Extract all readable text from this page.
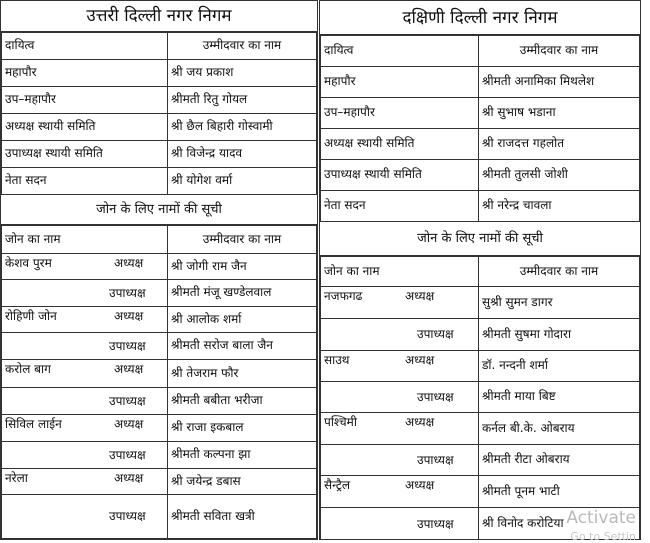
उत्तरी दिल्ली नगर निगम
दायित्व	उम्मीदवार का नाम
महापौर	श्री जय प्रकाश
उप–महापौर	श्रीमती रितु गोयल
अध्यक्ष स्थायी समिति	श्री छैल बिहारी गोस्वामी
उपाध्यक्ष स्थायी समिति	श्री विजेन्द्र यादव
नेता सदन	श्री योगेश वर्मा
जोन के लिए नामों की सूची
जोन का नाम	उम्मीदवार का नाम

केशव पुरम अध्यक्ष	श्री जोगी राम जैन

उपाध्यक्ष	श्रीमती मंजू खण्डेलवाल

रोहिणी जोन अध्यक्ष	श्री आलोक शर्मा

उपाध्यक्ष	श्रीमती सरोज बाला जैन

करोल बाग अध्यक्ष	श्री तेजराम फौर

उपाध्यक्ष	श्रीमती बबीता भरीजा

सिविल लाईन अध्यक्ष	श्री राजा इकबाल

उपाध्यक्ष	श्रीमती कल्पना झा

नरेला अध्यक्ष	श्री जयेन्द्र डबास

उपाध्यक्ष	श्रीमती सविता खत्री
दक्षिणी दिल्ली नगर निगम
दायित्व	उम्मीदवार का नाम
महापौर	श्रीमती अनामिका मिथलेश
उप–महापौर	श्री सुभाष भडाना
अध्यक्ष स्थायी समिति	श्री राजदत्त गहलोत
उपाध्यक्ष स्थायी समिति	श्रीमती तुलसी जोशी
नेता सदन	श्री नरेन्द्र चावला
जोन के लिए नामों की सूची
जोन का नाम	उम्मीदवार का नाम

नजफगढ अध्यक्ष	सुश्री सुमन डागर

उपाध्यक्ष	श्रीमती सुषमा गोदारा

साउथ अध्यक्ष	डॉ. नन्दनी शर्मा

उपाध्यक्ष	श्रीमती माया बिष्ट

पश्चिमी अध्यक्ष	कर्नल बी.के. ओबराय

उपाध्यक्ष	श्रीमती रीटा ओबराय

सैन्ट्रैल अध्यक्ष	श्रीमती पूनम भाटी

उपाध्यक्ष	श्री विनोद करोटिया Activate
Go to Settin
